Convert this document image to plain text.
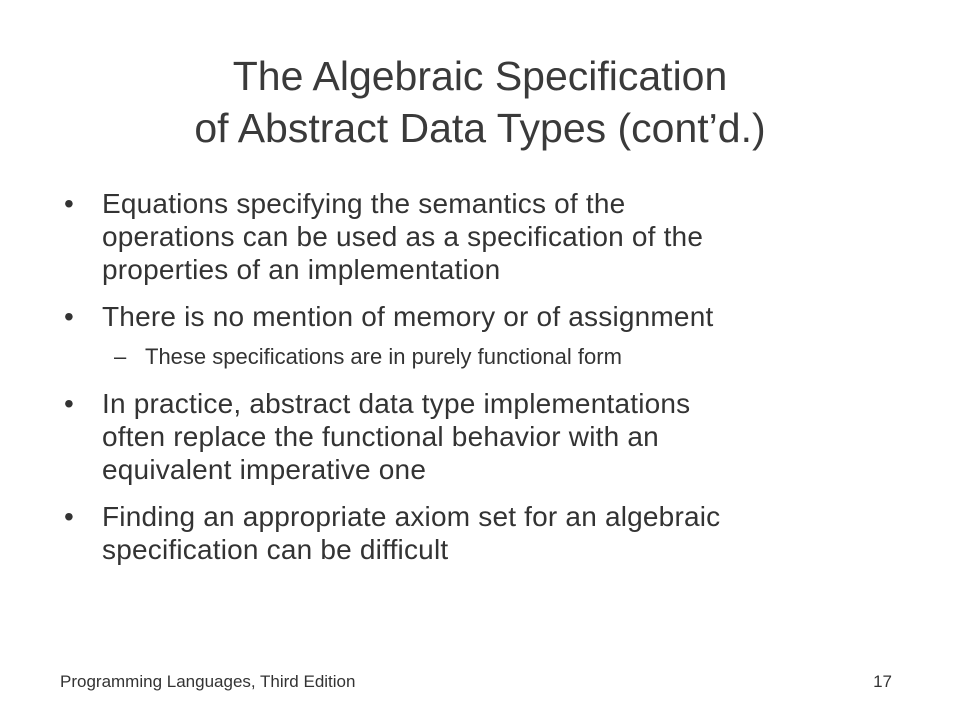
The Algebraic Specification
of Abstract Data Types (cont’d.)
• Equations specifying the semantics of the
operations can be used as a specification of the
properties of an implementation
• There is no mention of memory or of assignment
– These specifications are in purely functional form
• In practice, abstract data type implementations
often replace the functional behavior with an
equivalent imperative one
• Finding an appropriate axiom set for an algebraic
specification can be difficult
Programming Languages, Third Edition	17
